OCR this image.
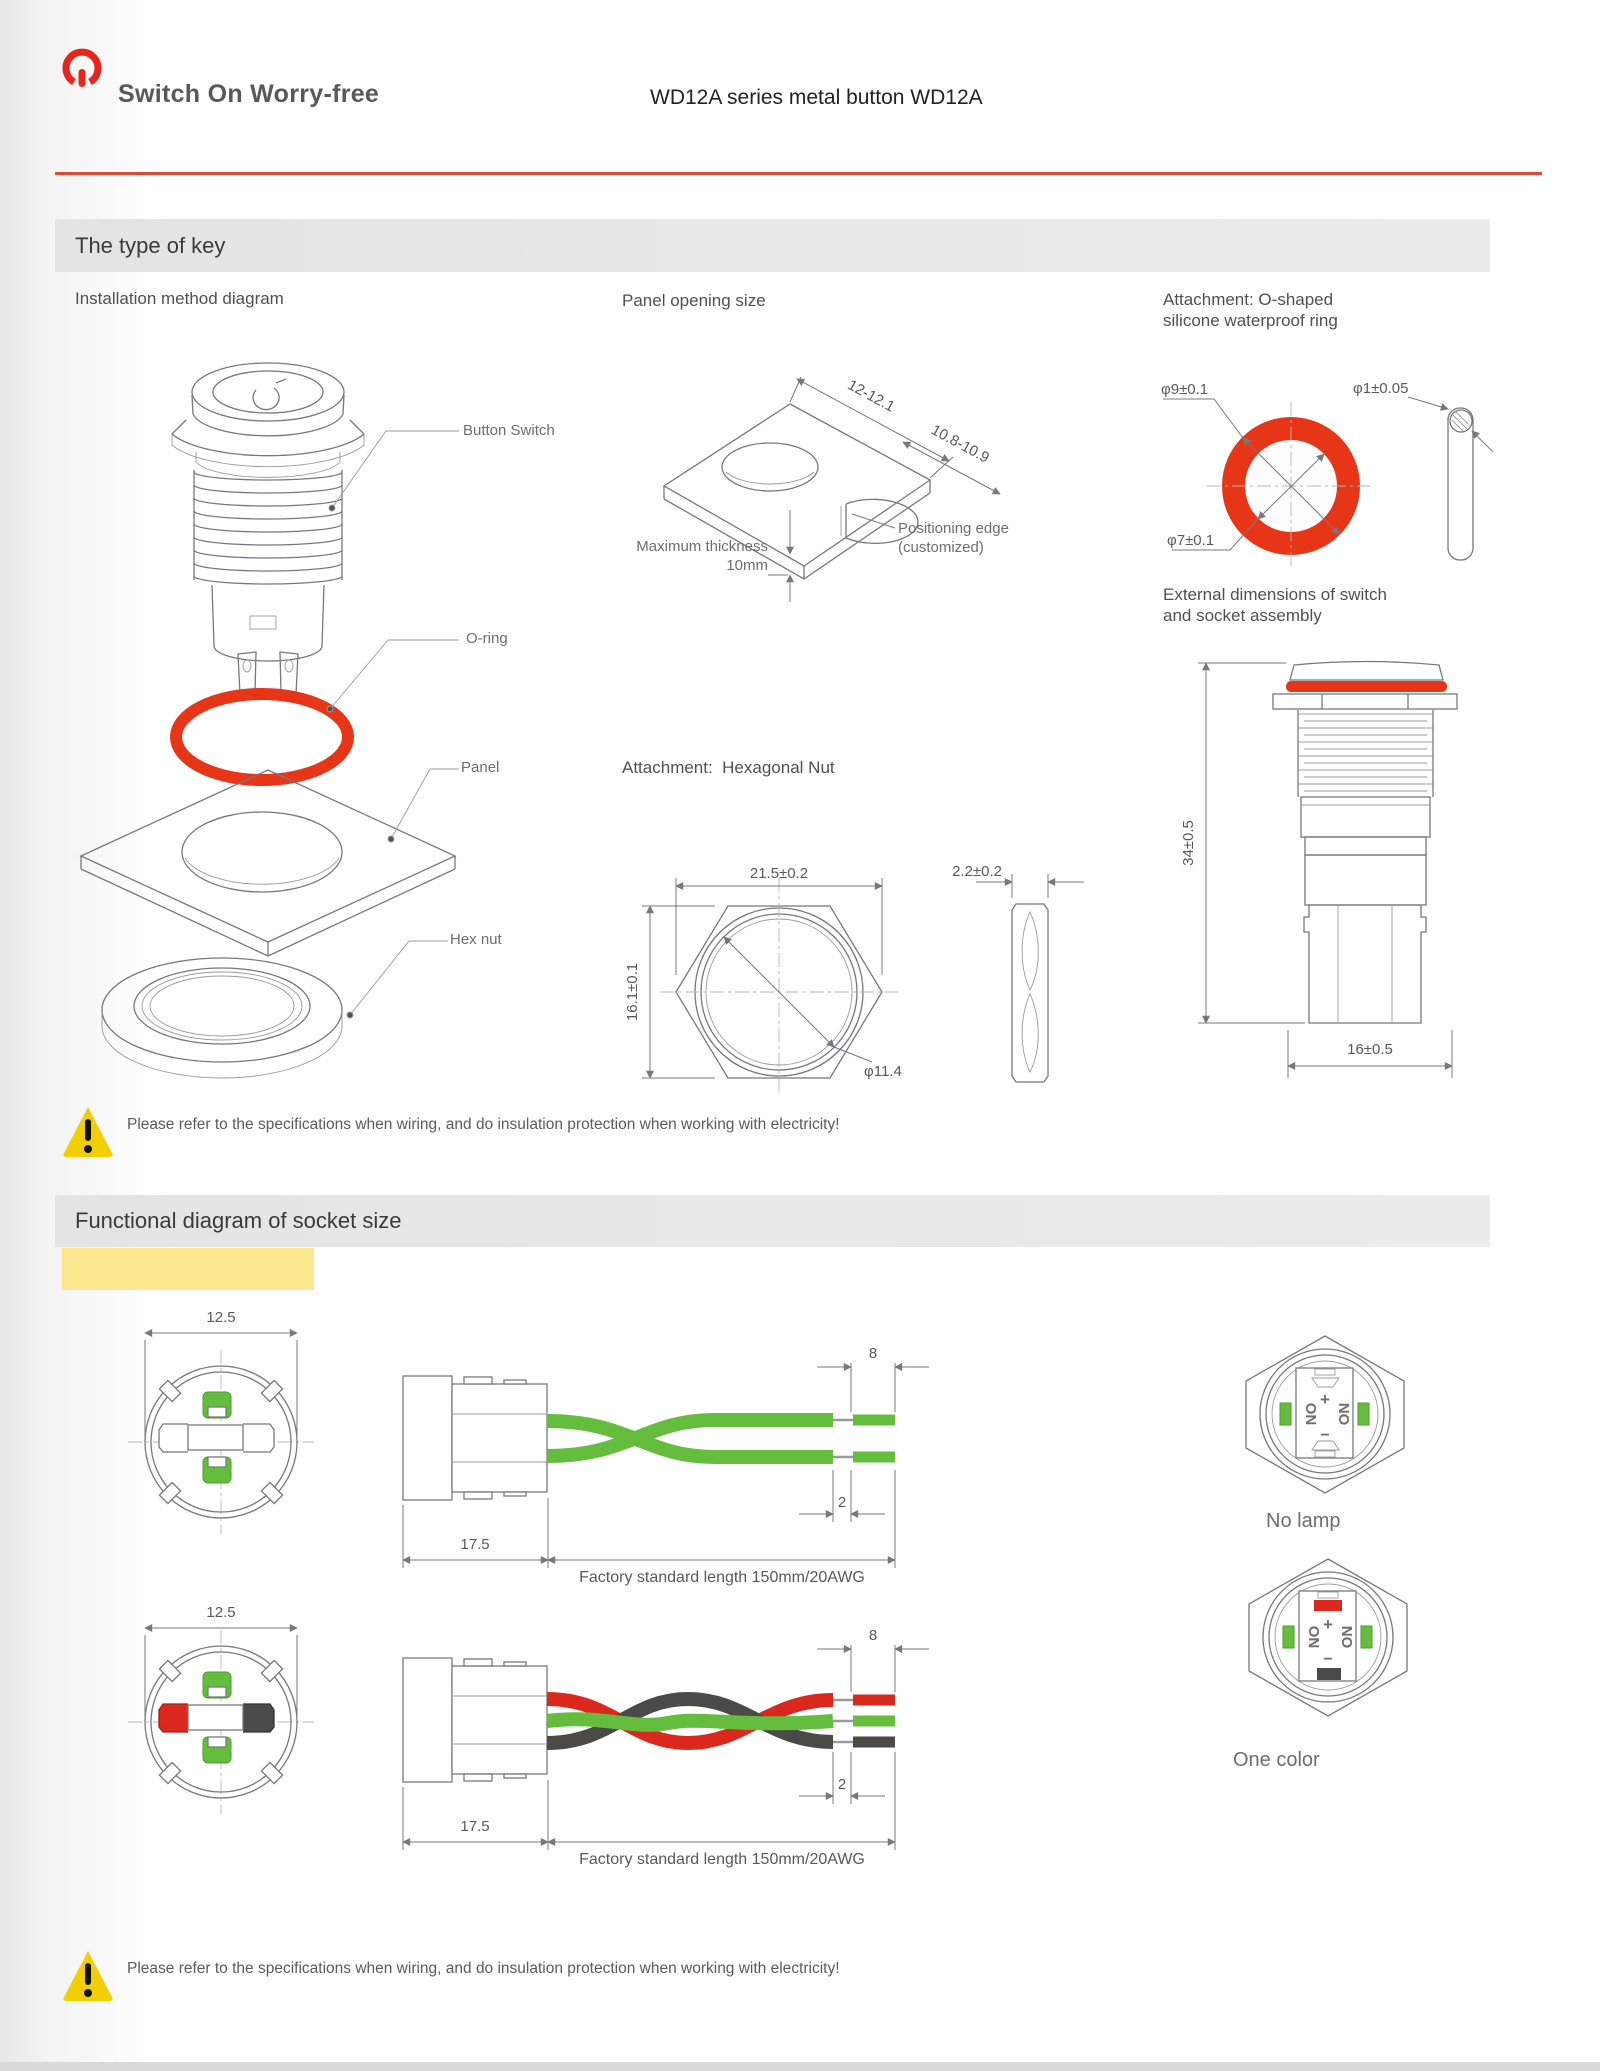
Switch On Worry-free	WD12A series metal button WD12A
The type of key
Installation method diagram	Panel opening size	Attachment: O-shaped
silicone waterproof ring
Button Switch
O-ring
Panel
Hex nut
12-12.1
10.8-10.9
Maximum thickness
10mm
Positioning edge
(customized)
φ9±0.1	φ1±0.05
φ7±0.1
Attachment:  Hexagonal Nut
21.5±0.2
16.1±0.1
φ11.4
2.2±0.2
External dimensions of switch
and socket assembly
34±0.5
16±0.5
Please refer to the specifications when wiring, and do insulation protection when working with electricity!
Functional diagram of socket size
12.5
8
2
17.5
Factory standard length 150mm/20AWG
+
NO ON
−
No lamp
12.5
8
2
17.5
Factory standard length 150mm/20AWG
+
NO ON
−
One color
Please refer to the specifications when wiring, and do insulation protection when working with electricity!
